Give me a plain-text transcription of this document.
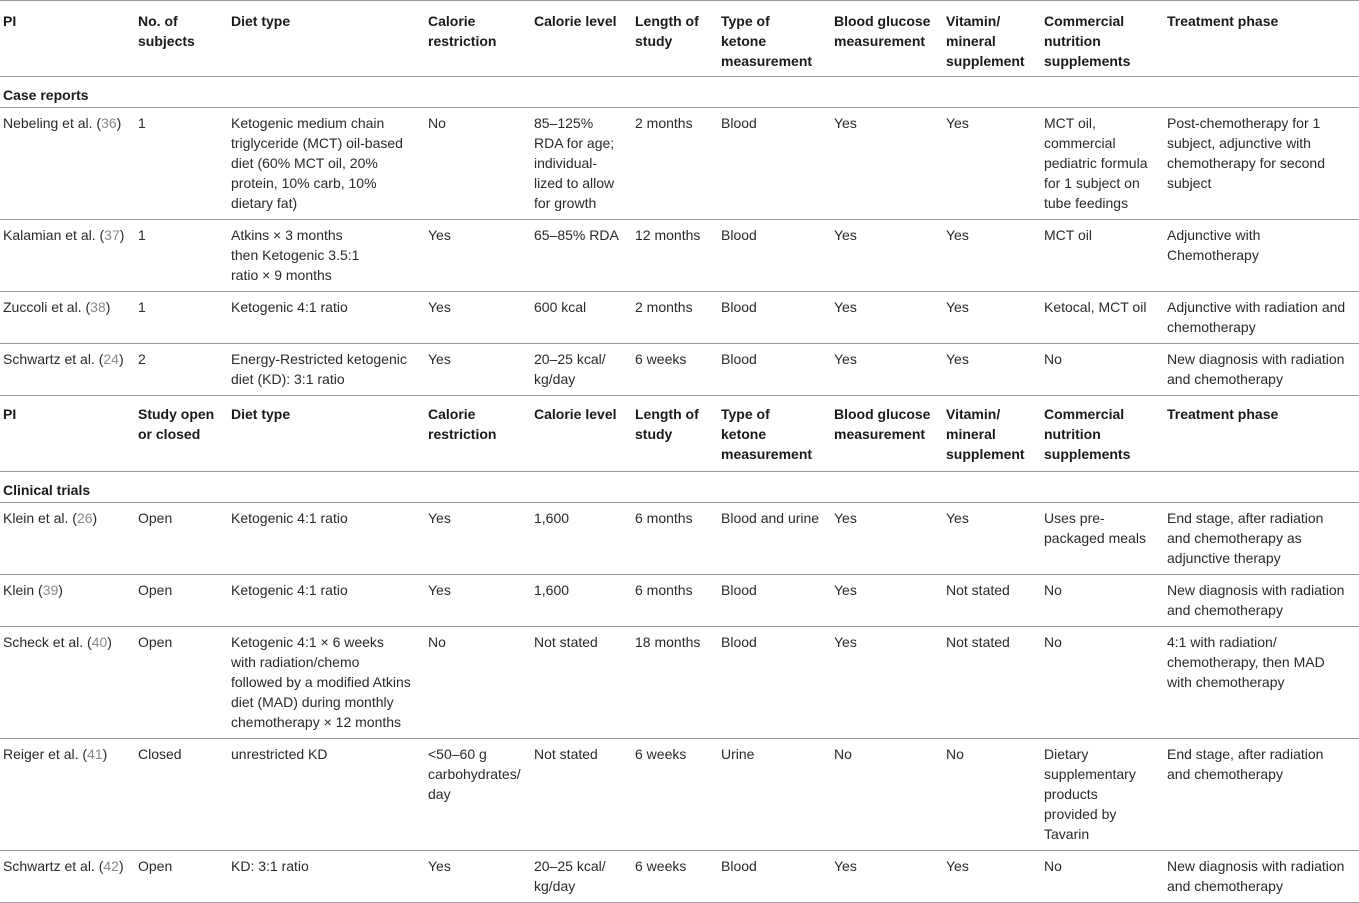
PI	No. of
subjects	Diet type	Calorie
restriction	Calorie level	Length of
study	Type of
ketone
measurement	Blood glucose
measurement	Vitamin/
mineral
supplement	Commercial
nutrition
supplements	Treatment phase
Case reports										
Nebeling et al. (36)	1	Ketogenic medium chain
triglyceride (MCT) oil-based
diet (60% MCT oil, 20%
protein, 10% carb, 10%
dietary fat)	No	85–125%
RDA for age;
individual-
lized to allow
for growth	2 months	Blood	Yes	Yes	MCT oil,
commercial
pediatric formula
for 1 subject on
tube feedings	Post-chemotherapy for 1
subject, adjunctive with
chemotherapy for second
subject
Kalamian et al. (37)	1	Atkins × 3 months
then Ketogenic 3.5:1
ratio × 9 months	Yes	65–85% RDA	12 months	Blood	Yes	Yes	MCT oil	Adjunctive with
Chemotherapy
Zuccoli et al. (38)	1	Ketogenic 4:1 ratio	Yes	600 kcal	2 months	Blood	Yes	Yes	Ketocal, MCT oil	Adjunctive with radiation and
chemotherapy
Schwartz et al. (24)	2	Energy-Restricted ketogenic
diet (KD): 3:1 ratio	Yes	20–25 kcal/
kg/day	6 weeks	Blood	Yes	Yes	No	New diagnosis with radiation
and chemotherapy
PI	Study open
or closed	Diet type	Calorie
restriction	Calorie level	Length of
study	Type of
ketone
measurement	Blood glucose
measurement	Vitamin/
mineral
supplement	Commercial
nutrition
supplements	Treatment phase
Clinical trials										
Klein et al. (26)	Open	Ketogenic 4:1 ratio	Yes	1,600	6 months	Blood and urine	Yes	Yes	Uses pre-
packaged meals	End stage, after radiation
and chemotherapy as
adjunctive therapy
Klein (39)	Open	Ketogenic 4:1 ratio	Yes	1,600	6 months	Blood	Yes	Not stated	No	New diagnosis with radiation
and chemotherapy
Scheck et al. (40)	Open	Ketogenic 4:1 × 6 weeks
with radiation/chemo
followed by a modified Atkins
diet (MAD) during monthly
chemotherapy × 12 months	No	Not stated	18 months	Blood	Yes	Not stated	No	4:1 with radiation/
chemotherapy, then MAD
with chemotherapy
Reiger et al. (41)	Closed	unrestricted KD	<50–60 g
carbohydrates/
day	Not stated	6 weeks	Urine	No	No	Dietary
supplementary
products
provided by
Tavarin	End stage, after radiation
and chemotherapy
Schwartz et al. (42)	Open	KD: 3:1 ratio	Yes	20–25 kcal/
kg/day	6 weeks	Blood	Yes	Yes	No	New diagnosis with radiation
and chemotherapy
